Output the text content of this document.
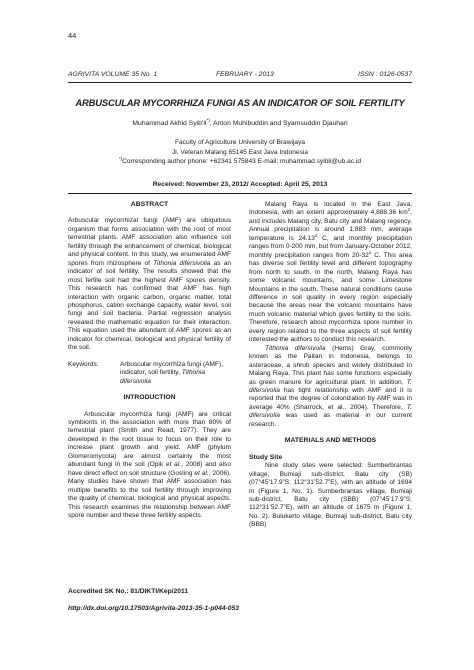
44
AGRIVITA VOLUME 35 No. 1	FEBRUARY - 2013	ISSN : 0126-0537
ARBUSCULAR MYCORRHIZA FUNGI AS AN INDICATOR OF SOIL FERTILITY
Muhammad Akhid Syib’li*), Anton Muhibuddin and Syamsuddin Djauhari
Faculty of Agriculture University of Brawijaya
Jl. Veteran Malang 65145 East Java Indonesia
*)Corresponding author phone: +62341 575843 E-mail: muhammad.syibli@ub.ac.id
Received: November 23, 2012/ Accepted: April 25, 2013
ABSTRACT

Arbuscular mycorrhizal fungi (AMF) are ubiquitous organism that forms association with the root of most terrestrial plants. AMF association also influence soil fertility through the enhancement of chemical, biological and physical content. In this study, we enumerated AMF spores from rhizosphere of Tithonia difersivolia as an indicator of soil fertility. The results showed that the most fertile soil had the highest AMF spores density. This research has confirmed that AMF has high interaction with organic carbon, organic matter, total phosphorus, cation exchange capacity, water level, soil fungi and soil bacteria. Partial regression analysis revealed the mathematic equation for their interaction. This equation used the abundant of AMF spores as an indicator for chemical, biological and physical fertility of the soil.

Keywords:	Arbuscular mycorrhiza fungi (AMF), indicator, soil fertility, Tithonia difersivolia
INTRODUCTION

Arbuscular mycorrhiza fungi (AMF) are critical symbionts in the association with more than 80% of terrestrial plant (Smith and Read, 1977). They are developed in the root tissue to focus on their role to increase plant growth and yield. AMF (phylum Glomeromycota) are almost certainly the most abundant fungi in the soil (Opik et al., 2008) and also have direct effect on soil structure (Gosling et al., 2006). Many studies have shown that AMF association has multiple benefits to the soil fertility through improving the quality of chemical, biological and physical aspects. This research examines the relationship between AMF spore number and these three fertility aspects.

Malang Raya is located in the East Java, Indonesia, with an extent approximately 4,888.36 $km^2$, and includes Malang city, Batu city and Malang regency. Annual precipitation is around 1,883 mm, average temperature is 24.13$^o$ C, and monthly precipitation ranges from 0-200 mm, but from January-October 2012, monthly precipitation ranges from 20-32$^o$ C. This area has diverse soil fertility level and different topography from north to south. In the north, Malang Raya has some volcanic mountains, and some Limestone Mountains in the south. These natural conditions cause difference in soil quality in every region especially because the areas near the volcanic mountains have much volcanic material which gives fertility to the soils. Therefore, research about mycorrhiza spore number in every region related to the three aspects of soil fertility interested the authors to conduct this research.

Tithonia difersivolia (Hems) Gray, commonly known as the Paitan in Indonesia, belongs to asteraceae, a shrub species and widely distributed in Malang Raya. This plant has some functions especially as green manure for agricultural plant. In addition, T. difersivolia has tight relationship with AMF and it is reported that the degree of colonization by AMF was in average 40% (Sharrock, et al., 2004). Therefore, T. difersivolia was used as material in our current research.

MATERIALS AND METHODS

Study Site

Nine study sites were selected: Sumberbrantas village, Bumiaji sub-district, Batu city (SB) (07°45’17.9”S; 112°31’52.7”E), with an altitude of 1694 m (Figure 1, No. 1). Sumberbrantas village, Bumiaji sub-district, Batu city (SBB) (07°45’17.9”S; 112°31’52.7”E), with an altitude of 1675 m (Figure 1, No. 2). Bulukerto village, Bumiaji sub-district, Batu city (BBB)

Accredited SK No.: 81/DIKTI/Kep/2011
http://dx.doi.org/10.17503/Agrivita-2013-35-1-p044-053
